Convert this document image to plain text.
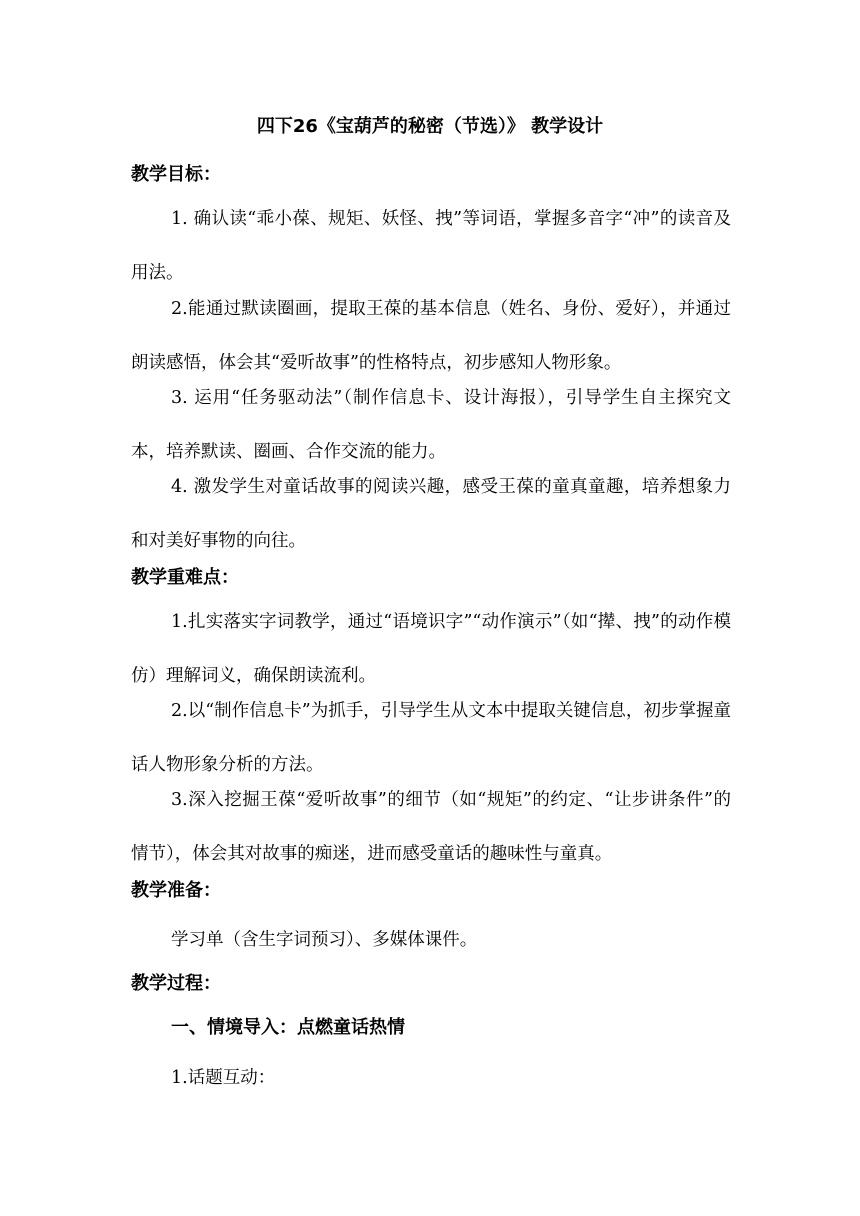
四下26《宝葫芦的秘密（节选）》 教学设计
教学目标：

1. 确认读“乖小葆、规矩、妖怪、拽”等词语，掌握多音字“冲”的读音及用法。

2.能通过默读圈画，提取王葆的基本信息（姓名、身份、爱好），并通过朗读感悟，体会其“爱听故事”的性格特点，初步感知人物形象。

3. 运用“任务驱动法”（制作信息卡、设计海报），引导学生自主探究文本，培养默读、圈画、合作交流的能力。

4. 激发学生对童话故事的阅读兴趣，感受王葆的童真童趣，培养想象力和对美好事物的向往。

教学重难点：

1.扎实落实字词教学，通过“语境识字”“动作演示”（如“撵、拽”的动作模仿）理解词义，确保朗读流利。

2.以“制作信息卡”为抓手，引导学生从文本中提取关键信息，初步掌握童话人物形象分析的方法。

3.深入挖掘王葆“爱听故事”的细节（如“规矩”的约定、“让步讲条件”的情节），体会其对故事的痴迷，进而感受童话的趣味性与童真。

教学准备：
学习单（含生字词预习）、多媒体课件。
教学过程：
一、情境导入：点燃童话热情
1.话题互动：
